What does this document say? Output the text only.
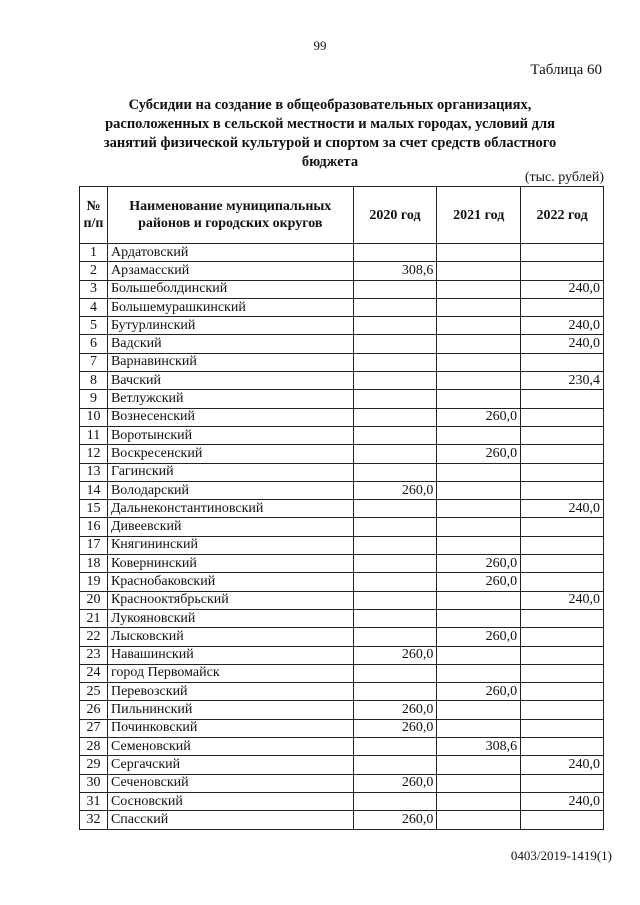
99
Таблица 60
Субсидии на создание в общеобразовательных организациях, расположенных в сельской местности и малых городах, условий для занятий физической культурой и спортом за счет средств областного бюджета
(тыс. рублей)
№ п/п	Наименование муниципальных районов и городских округов	2020 год	2021 год	2022 год
1	Ардатовский			
2	Арзамасский	308,6		
3	Большеболдинский			240,0
4	Большемурашкинский			
5	Бутурлинский			240,0
6	Вадский			240,0
7	Варнавинский			
8	Вачский			230,4
9	Ветлужский			
10	Вознесенский		260,0	
11	Воротынский			
12	Воскресенский		260,0	
13	Гагинский			
14	Володарский	260,0		
15	Дальнеконстантиновский			240,0
16	Дивеевский			
17	Княгининский			
18	Ковернинский		260,0	
19	Краснобаковский		260,0	
20	Краснооктябрьский			240,0
21	Лукояновский			
22	Лысковский		260,0	
23	Навашинский	260,0		
24	город Первомайск			
25	Перевозский		260,0	
26	Пильнинский	260,0		
27	Починковский	260,0		
28	Семеновский		308,6	
29	Сергачский			240,0
30	Сеченовский	260,0		
31	Сосновский			240,0
32	Спасский	260,0		
0403/2019-1419(1)
